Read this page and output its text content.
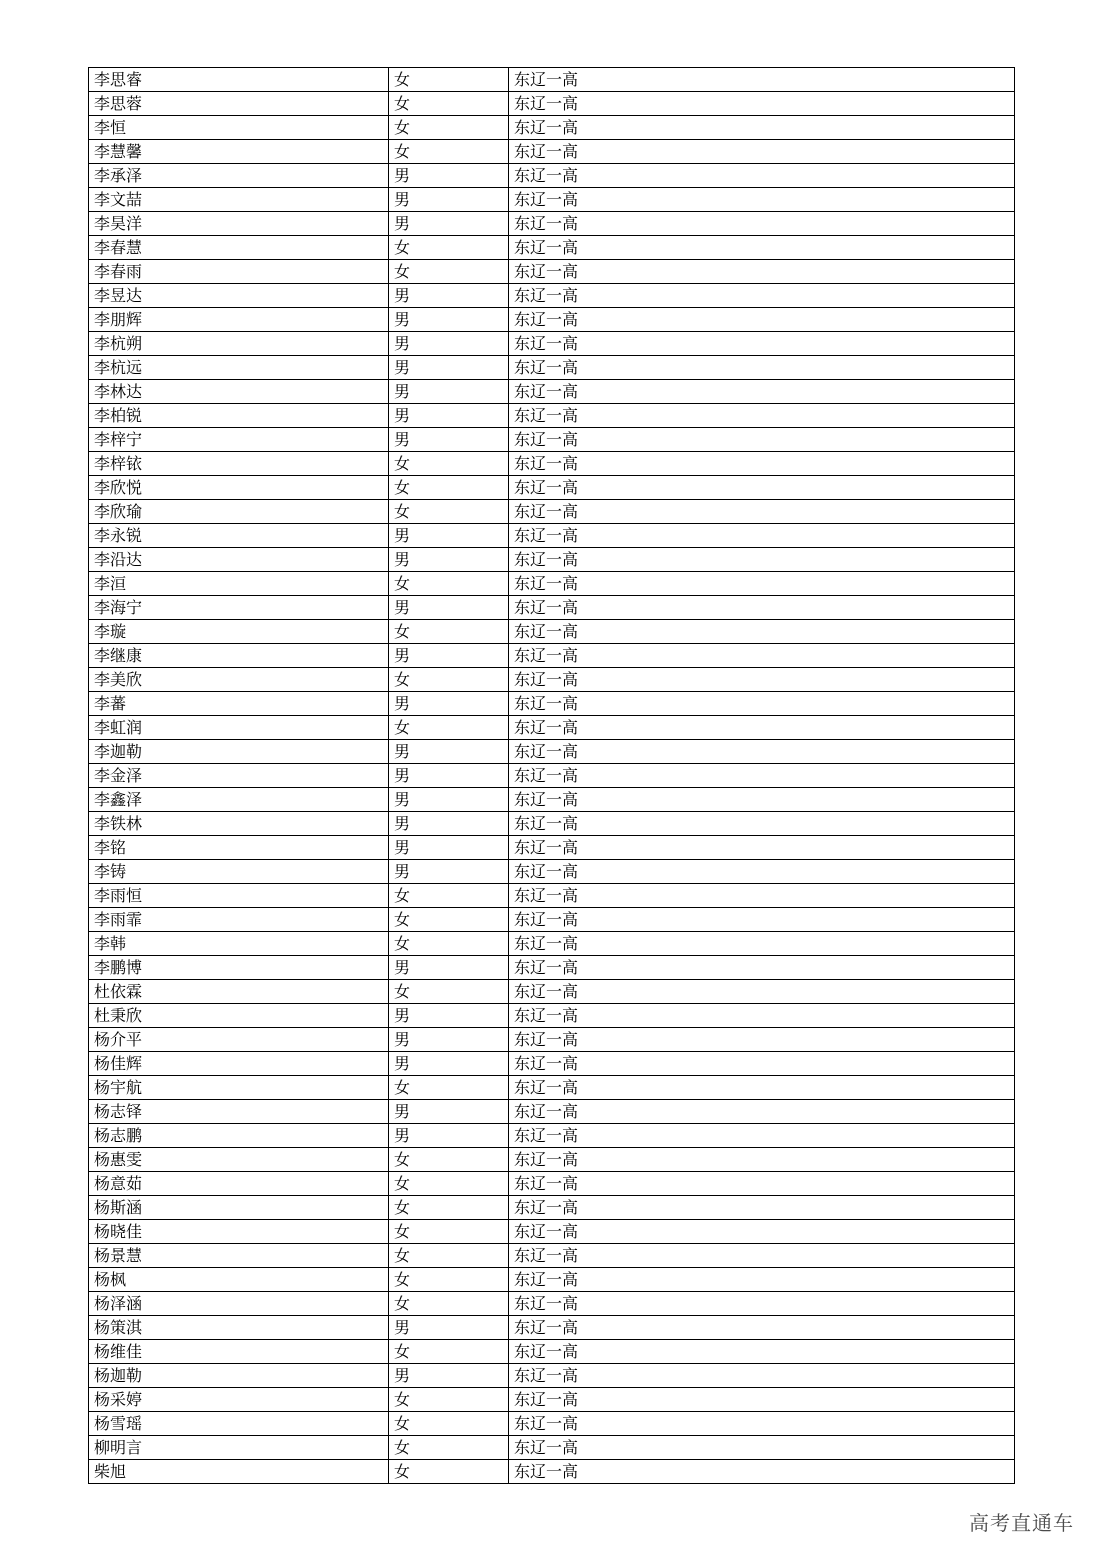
李思睿	女	东辽一高
李思蓉	女	东辽一高
李恒	女	东辽一高
李慧馨	女	东辽一高
李承泽	男	东辽一高
李文喆	男	东辽一高
李昊洋	男	东辽一高
李春慧	女	东辽一高
李春雨	女	东辽一高
李昱达	男	东辽一高
李朋辉	男	东辽一高
李杭朔	男	东辽一高
李杭远	男	东辽一高
李林达	男	东辽一高
李柏锐	男	东辽一高
李梓宁	男	东辽一高
李梓铱	女	东辽一高
李欣悦	女	东辽一高
李欣瑜	女	东辽一高
李永锐	男	东辽一高
李沿达	男	东辽一高
李洹	女	东辽一高
李海宁	男	东辽一高
李璇	女	东辽一高
李继康	男	东辽一高
李美欣	女	东辽一高
李蕃	男	东辽一高
李虹润	女	东辽一高
李迦勒	男	东辽一高
李金泽	男	东辽一高
李鑫泽	男	东辽一高
李铁林	男	东辽一高
李铭	男	东辽一高
李铸	男	东辽一高
李雨恒	女	东辽一高
李雨霏	女	东辽一高
李韩	女	东辽一高
李鹏博	男	东辽一高
杜依霖	女	东辽一高
杜秉欣	男	东辽一高
杨介平	男	东辽一高
杨佳辉	男	东辽一高
杨宇航	女	东辽一高
杨志铎	男	东辽一高
杨志鹏	男	东辽一高
杨惠雯	女	东辽一高
杨意茹	女	东辽一高
杨斯涵	女	东辽一高
杨晓佳	女	东辽一高
杨景慧	女	东辽一高
杨枫	女	东辽一高
杨泽涵	女	东辽一高
杨策淇	男	东辽一高
杨维佳	女	东辽一高
杨迦勒	男	东辽一高
杨采婷	女	东辽一高
杨雪瑶	女	东辽一高
柳明言	女	东辽一高
柴旭	女	东辽一高
高考直通车
